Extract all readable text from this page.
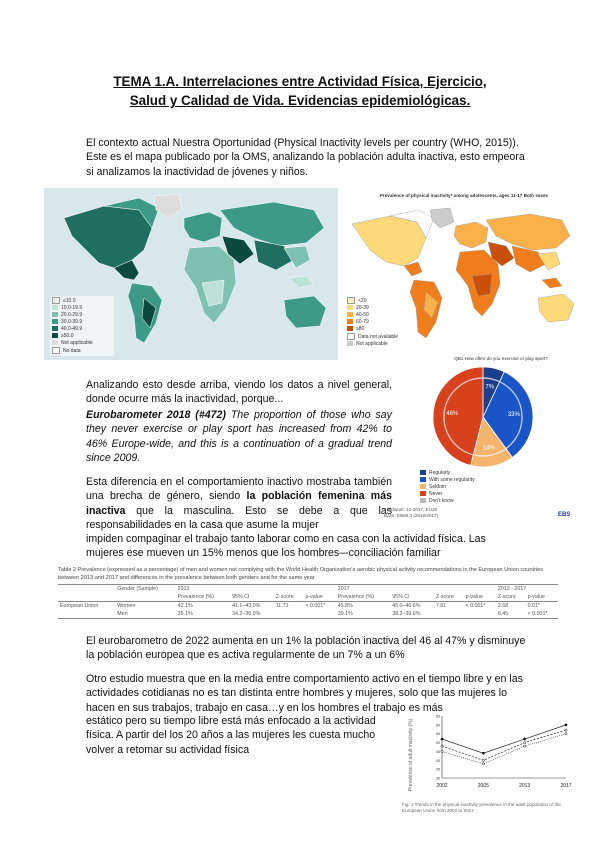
TEMA 1.A. Interrelaciones entre Actividad Física, Ejercicio,
Salud y Calidad de Vida. Evidencias epidemiológicas.
El contexto actual Nuestra Oportunidad (Physical Inactivity levels per country (WHO, 2015)). Este es el mapa publicado por la OMS, analizando la población adulta inactiva, esto empeora si analizamos la inactividad de jóvenes y niños.
≤10.0
10.0-19.9
20.0-29.9
30.0-39.9
40.0-49.9
≥50.0
Not applicable
No data
Prevalence of physical inactivity* among adolescents, ages 11-17 Both sexes
<20
20-39
40-59
60-79
≥80
Data not available
Not applicable
Analizando esto desde arriba, viendo los datos a nivel general, donde ocurre más la inactividad, porque...
Eurobarometer 2018 (#472) The proportion of those who say they never exercise or play sport has increased from 42% to 46% Europe-wide, and this is a continuation of a gradual trend since 2009.
Esta diferencia en el comportamiento inactivo mostraba también una brecha de género, siendo la población femenina más inactiva que la masculina. Esto se debe a que las responsabilidades en la casa que asume la mujer
impiden compaginar el trabajo tanto laborar como en casa con la actividad física. Las mujeres ese mueven un 15% menos que los hombres–-conciliación familiar
QB1 How often do you exercise or play sport?
7%
33%
14%
46%
Regularly
With some regularity
Seldom
Never
Don't know
Fieldwork: 12-2017, EU28
Base: EB89.4 (2018/2017)	EBS
Table 2 Prevalence (expressed as a percentage) of men and women not complying with the World Health Organization's aerobic physical activity recommendations in the European Union countries between 2013 and 2017 and differences in the prevalence between both genders and for the same year
	Gender (Sample)	2013				2017				2013 - 2017	
		Prevalence (%)	95% CI	Z-score	p-value	Prevalence (%)	95% CI	Z-score	p-value	Z-score	p-value
European Union	Women	42.1%	41.1–43.0%	11.71	< 0.001*	45.8%	45.0–46.6%	7.81	< 0.001*	2.68	0.01*
	Men	35.1%	34.2–36.0%			39.1%	38.2–39.6%			6.45	< 0.001*
El eurobarometro de 2022 aumenta en un 1% la población inactiva del 46 al 47% y disminuye la población europea que es activa regularmente de un 7% a un 6%
Otro estudio muestra que en la media entre comportamiento activo en el tiempo libre y en las actividades cotidianas no es tan distinta entre hombres y mujeres, solo que las mujeres lo hacen en sus trabajos, trabajo en casa…y en los hombres el trabajo es más
estático pero su tiempo libre está más enfocado a la actividad física. A partir del los 20 años a las mujeres les cuesta mucho volver a retomar su actividad física	Prevalence of adult inactivity (%)	30
35
40
45
50
55
60
65
2002	2005	2013	2017
Fig. 1 Trends in the physical inactivity prevalence in the adult population of the European Union from 2002 to 2017
